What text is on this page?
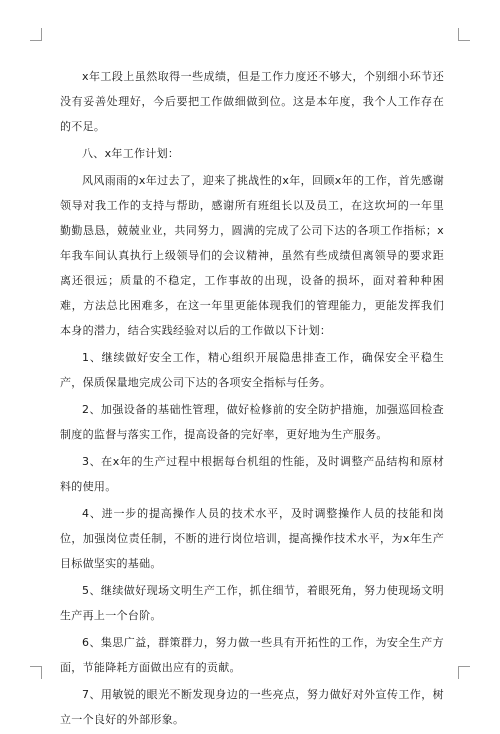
x年工段上虽然取得一些成绩，但是工作力度还不够大，个别细小环节还没有妥善处理好，今后要把工作做细做到位。这是本年度，我个人工作存在的不足。

八、x年工作计划：

风风雨雨的x年过去了，迎来了挑战性的x年，回顾x年的工作，首先感谢领导对我工作的支持与帮助，感谢所有班组长以及员工，在这坎坷的一年里勤勤恳恳，兢兢业业，共同努力，圆满的完成了公司下达的各项工作指标；x年我车间认真执行上级领导们的会议精神，虽然有些成绩但离领导的要求距离还很远；质量的不稳定，工作事故的出现，设备的损坏，面对着种种困难，方法总比困难多，在这一年里更能体现我们的管理能力，更能发挥我们本身的潜力，结合实践经验对以后的工作做以下计划：

1、继续做好安全工作，精心组织开展隐患排查工作，确保安全平稳生产，保质保量地完成公司下达的各项安全指标与任务。

2、加强设备的基础性管理，做好检修前的安全防护措施，加强巡回检查制度的监督与落实工作，提高设备的完好率，更好地为生产服务。

3、在x年的生产过程中根据每台机组的性能，及时调整产品结构和原材料的使用。

4、进一步的提高操作人员的技术水平，及时调整操作人员的技能和岗位，加强岗位责任制，不断的进行岗位培训，提高操作技术水平，为x年生产目标做坚实的基础。

5、继续做好现场文明生产工作，抓住细节，着眼死角，努力使现场文明生产再上一个台阶。

6、集思广益，群策群力，努力做一些具有开拓性的工作，为安全生产方面，节能降耗方面做出应有的贡献。

7、用敏锐的眼光不断发现身边的一些亮点，努力做好对外宣传工作，树立一个良好的外部形象。
